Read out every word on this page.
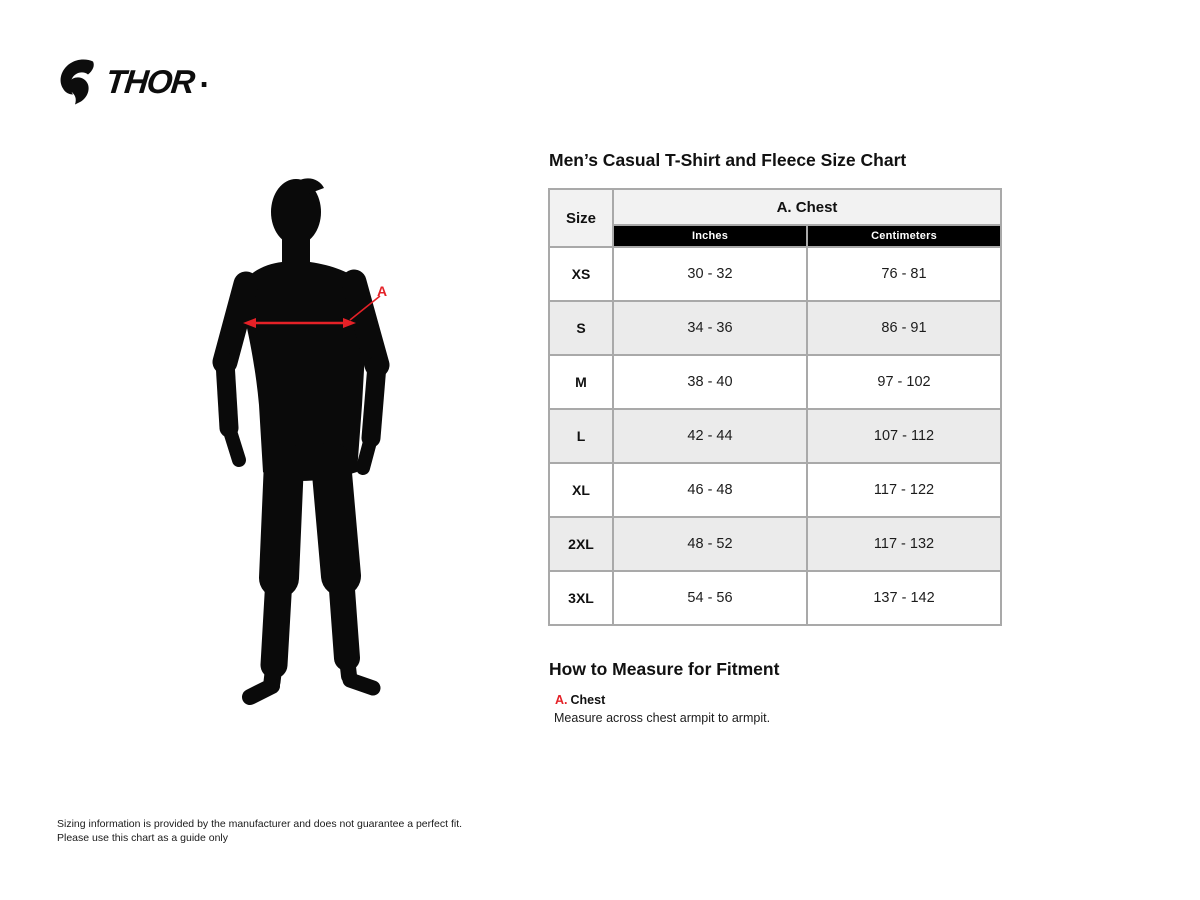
THOR .
A
Men’s Casual T-Shirt and Fleece Size Chart
Size	A. Chest	
	Inches	Centimeters
XS	30 - 32	76 - 81
S	34 - 36	86 - 91
M	38 - 40	97 - 102
L	42 - 44	107 - 112
XL	46 - 48	117 - 122
2XL	48 - 52	117 - 132
3XL	54 - 56	137 - 142
How to Measure for Fitment
A. Chest
Measure across chest armpit to armpit.
Sizing information is provided by the manufacturer and does not guarantee a perfect fit.
Please use this chart as a guide only
